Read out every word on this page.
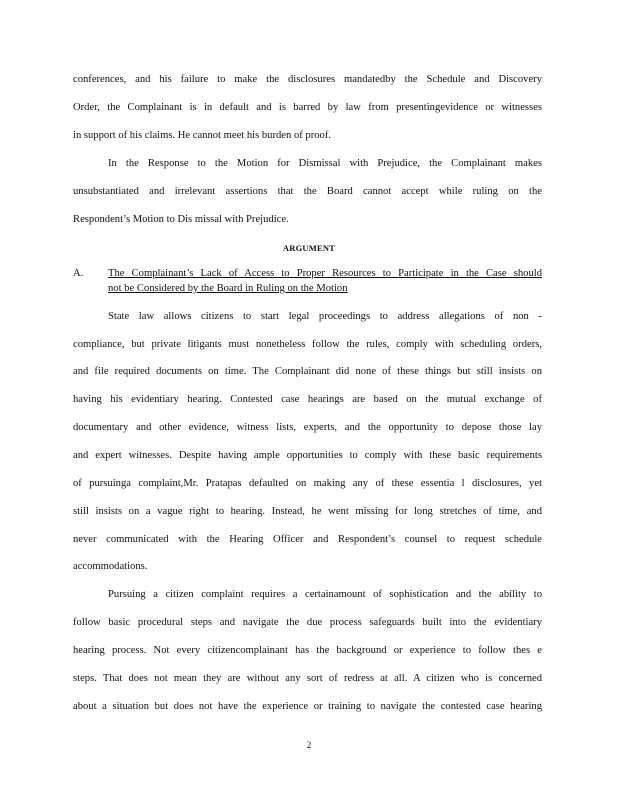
conferences, and his failure to make the disclosures mandatedby the Schedule and Discovery
Order, the Complainant is in default and is barred by law from presentingevidence or witnesses
in support of his claims. He cannot meet his burden of proof.
In the Response to the Motion for Dismissal with Prejudice, the Complainant makes
unsubstantiated and irrelevant assertions that the Board cannot accept while ruling on the
Respondent’s Motion to Dis missal with Prejudice.
ARGUMENT
A. The Complainant’s Lack of Access to Proper Resources to Participate in the Case should
not be Considered by the Board in Ruling on the Motion
State law allows citizens to start legal proceedings to address allegations of non -
compliance, but private litigants must nonetheless follow the rules, comply with scheduling orders,
and file required documents on time. The Complainant did none of these things but still insists on
having his evidentiary hearing. Contested case hearings are based on the mutual exchange of
documentary and other evidence, witness lists, experts, and the opportunity to depose those lay
and expert witnesses. Despite having ample opportunities to comply with these basic requirements
of pursuinga complaint,Mr. Pratapas defaulted on making any of these essentia l disclosures, yet
still insists on a vague right to hearing. Instead, he went missing for long stretches of time, and
never communicated with the Hearing Officer and Respondent’s counsel to request schedule
accommodations.
Pursuing a citizen complaint requires a certainamount of sophistication and the ability to
follow basic procedural steps and navigate the due process safeguards built into the evidentiary
hearing process. Not every citizencomplainant has the background or experience to follow thes e
steps. That does not mean they are without any sort of redress at all. A citizen who is concerned
about a situation but does not have the experience or training to navigate the contested case hearing
2
